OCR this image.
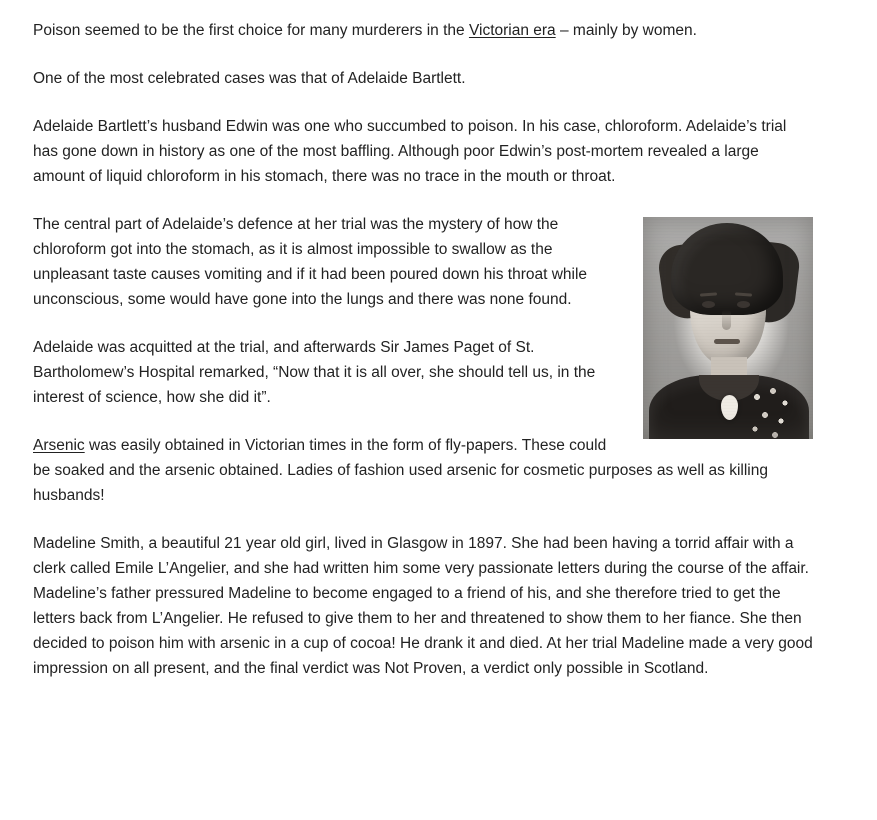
Poison seemed to be the first choice for many murderers in the Victorian era – mainly by women.

One of the most celebrated cases was that of Adelaide Bartlett.

Adelaide Bartlett’s husband Edwin was one who succumbed to poison. In his case, chloroform. Adelaide’s trial has gone down in history as one of the most baffling. Although poor Edwin’s post-mortem revealed a large amount of liquid chloroform in his stomach, there was no trace in the mouth or throat.

The central part of Adelaide’s defence at her trial was the mystery of how the chloroform got into the stomach, as it is almost impossible to swallow as the unpleasant taste causes vomiting and if it had been poured down his throat while unconscious, some would have gone into the lungs and there was none found.

Adelaide was acquitted at the trial, and afterwards Sir James Paget of St. Bartholomew’s Hospital remarked, “Now that it is all over, she should tell us, in the interest of science, how she did it”.

Arsenic was easily obtained in Victorian times in the form of fly-papers. These could be soaked and the arsenic obtained. Ladies of fashion used arsenic for cosmetic purposes as well as killing husbands!

Madeline Smith, a beautiful 21 year old girl, lived in Glasgow in 1897. She had been having a torrid affair with a clerk called Emile L’Angelier, and she had written him some very passionate letters during the course of the affair. Madeline’s father pressured Madeline to become engaged to a friend of his, and she therefore tried to get the letters back from L’Angelier. He refused to give them to her and threatened to show them to her fiance. She then decided to poison him with arsenic in a cup of cocoa! He drank it and died. At her trial Madeline made a very good impression on all present, and the final verdict was Not Proven, a verdict only possible in Scotland.
